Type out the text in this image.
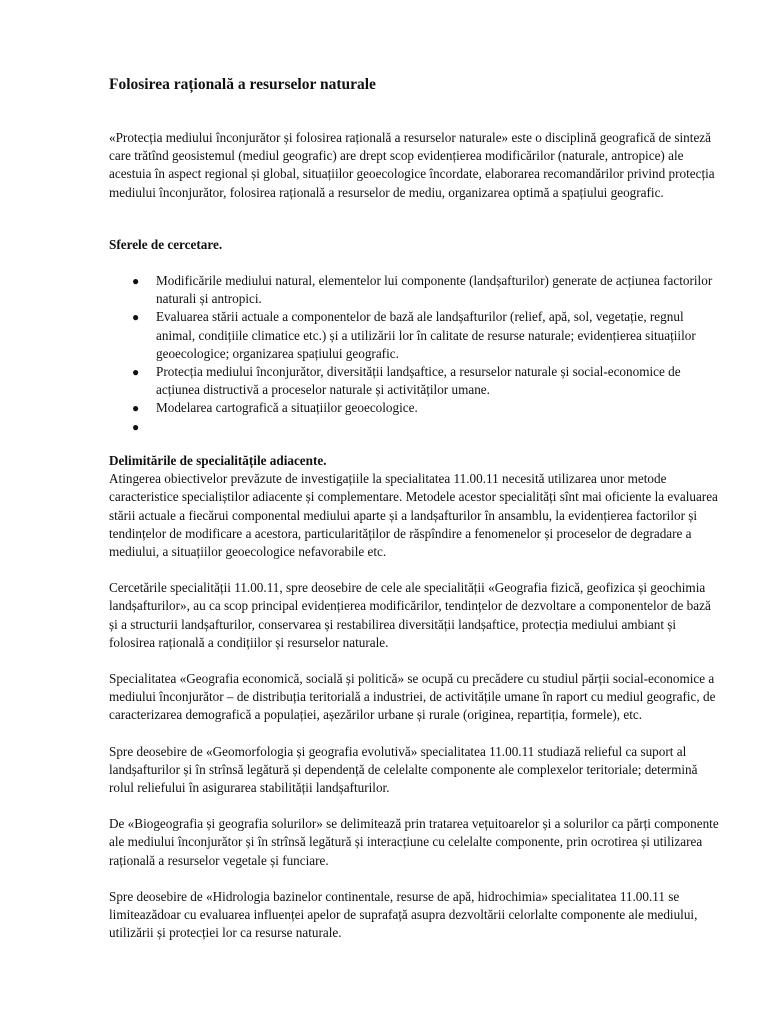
Folosirea rațională a resurselor naturale

«Protecția mediului înconjurător și folosirea rațională a resurselor naturale» este o disciplină geografică de sinteză care trătînd geosistemul (mediul geografic) are drept scop evidențierea modificărilor (naturale, antropice) ale acestuia în aspect regional și global, situațiilor geoecologice încordate, elaborarea recomandărilor privind protecția mediului înconjurător, folosirea rațională a resurselor de mediu, organizarea optimă a spațiului geografic.

Sferele de cercetare.
● Modificările mediului natural, elementelor lui componente (landșafturilor) generate de acțiunea factorilor naturali și antropici.
● Evaluarea stării actuale a componentelor de bază ale landșafturilor (relief, apă, sol, vegetație, regnul animal, condițiile climatice etc.) și a utilizării lor în calitate de resurse naturale; evidențierea situațiilor geoecologice; organizarea spațiului geografic.
● Protecția mediului înconjurător, diversității landșaftice, a resurselor naturale și social-economice de acțiunea distructivă a proceselor naturale și activităților umane.
● Modelarea cartografică a situațiilor geoecologice.
●

Delimitările de specialitățile adiacente.

Atingerea obiectivelor prevăzute de investigațiile la specialitatea 11.00.11 necesită utilizarea unor metode caracteristice specialiștilor adiacente și complementare. Metodele acestor specialități sînt mai oficiente la evaluarea stării actuale a fiecărui componental mediului aparte și a landșafturilor în ansamblu, la evidențierea factorilor și tendințelor de modificare a acestora, particularităților de răspîndire a fenomenelor și proceselor de degradare a mediului, a situațiilor geoecologice nefavorabile etc.

Cercetările specialității 11.00.11, spre deosebire de cele ale specialității «Geografia fizică, geofizica și geochimia landșafturilor», au ca scop principal evidențierea modificărilor, tendințelor de dezvoltare a componentelor de bază și a structurii landșafturilor, conservarea și restabilirea diversității landșaftice, protecția mediului ambiant și folosirea rațională a condițiilor și resurselor naturale.

Specialitatea «Geografia economică, socială și politică» se ocupă cu precădere cu studiul părții social-economice a mediului înconjurător – de distribuția teritorială a industriei, de activitățile umane în raport cu mediul geografic, de caracterizarea demografică a populației, așezărilor urbane și rurale (originea, repartiția, formele), etc.

Spre deosebire de «Geomorfologia și geografia evolutivă» specialitatea 11.00.11 studiază relieful ca suport al landșafturilor și în strînsă legătură și dependență de celelalte componente ale complexelor teritoriale; determină rolul reliefului în asigurarea stabilității landșafturilor.

De «Biogeografia și geografia solurilor» se delimitează prin tratarea vețuitoarelor și a solurilor ca părți componente ale mediului înconjurător și în strînsă legătură și interacțiune cu celelalte componente, prin ocrotirea și utilizarea rațională a resurselor vegetale și funciare.

Spre deosebire de «Hidrologia bazinelor continentale, resurse de apă, hidrochimia» specialitatea 11.00.11 se limiteazădoar cu evaluarea influenței apelor de suprafață asupra dezvoltării celorlalte componente ale mediului, utilizării și protecției lor ca resurse naturale.
